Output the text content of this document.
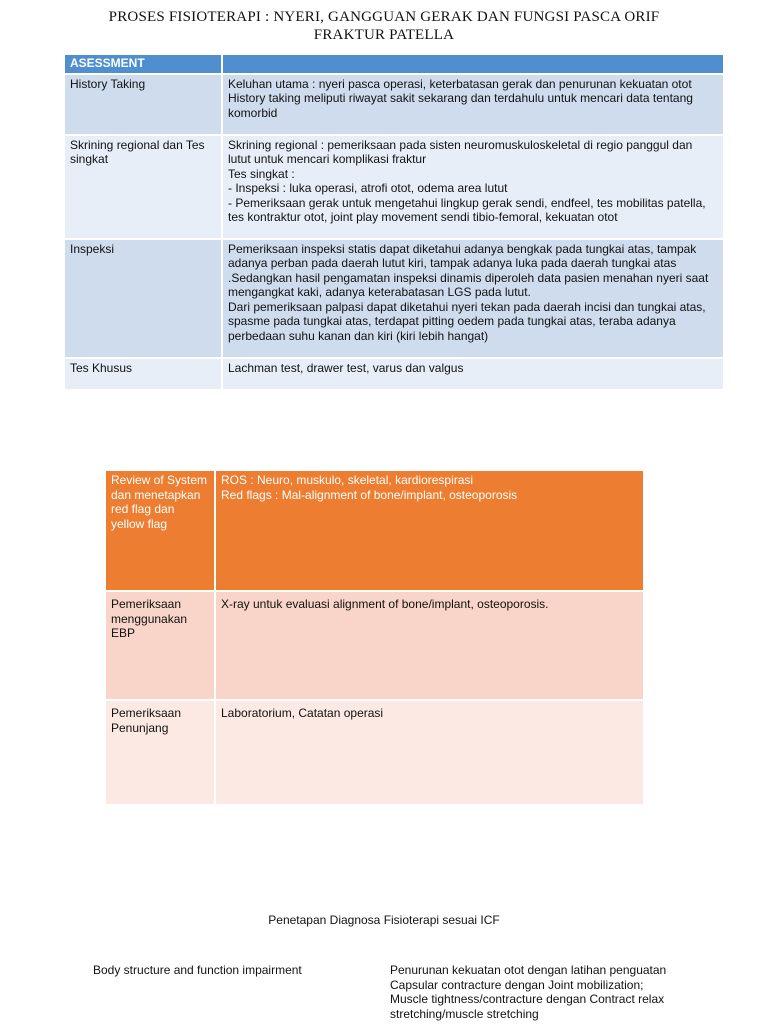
PROSES FISIOTERAPI : NYERI, GANGGUAN GERAK DAN FUNGSI PASCA ORIF
FRAKTUR PATELLA
ASESSMENT	
History Taking	Keluhan utama : nyeri pasca operasi, keterbatasan gerak dan penurunan kekuatan otot
History taking meliputi riwayat sakit sekarang dan terdahulu untuk mencari data tentang komorbid

Skrining regional dan Tes singkat	Skrining regional : pemeriksaan pada sisten neuromuskuloskeletal di regio panggul dan lutut untuk mencari komplikasi fraktur
Tes singkat :
- Inspeksi : luka operasi, atrofi otot, odema area lutut
- Pemeriksaan gerak untuk mengetahui lingkup gerak sendi, endfeel, tes mobilitas patella, tes kontraktur otot, joint play movement sendi tibio-femoral, kekuatan otot

Inspeksi	Pemeriksaan inspeksi statis dapat diketahui adanya bengkak pada tungkai atas, tampak adanya perban pada daerah lutut kiri, tampak adanya luka pada daerah tungkai atas .Sedangkan hasil pengamatan inspeksi dinamis diperoleh data pasien menahan nyeri saat mengangkat kaki, adanya keterabatasan LGS pada lutut.
Dari pemeriksaan palpasi dapat diketahui nyeri tekan pada daerah incisi dan tungkai atas, spasme pada tungkai atas, terdapat pitting oedem pada tungkai atas, teraba adanya perbedaan suhu kanan dan kiri (kiri lebih hangat)

Tes Khusus	Lachman test, drawer test, varus dan valgus
Review of System dan menetapkan red flag dan yellow flag	ROS : Neuro, muskulo, skeletal, kardiorespirasi
Red flags : Mal-alignment of bone/implant, osteoporosis

Pemeriksaan menggunakan EBP	X-ray untuk evaluasi alignment of bone/implant, osteoporosis.

Pemeriksaan Penunjang	Laboratorium, Catatan operasi
Penetapan Diagnosa Fisioterapi sesuai ICF
Body structure and function impairment	Penurunan kekuatan otot dengan latihan penguatan Capsular contracture dengan Joint mobilization; Muscle tightness/contracture dengan Contract relax stretching/muscle stretching
